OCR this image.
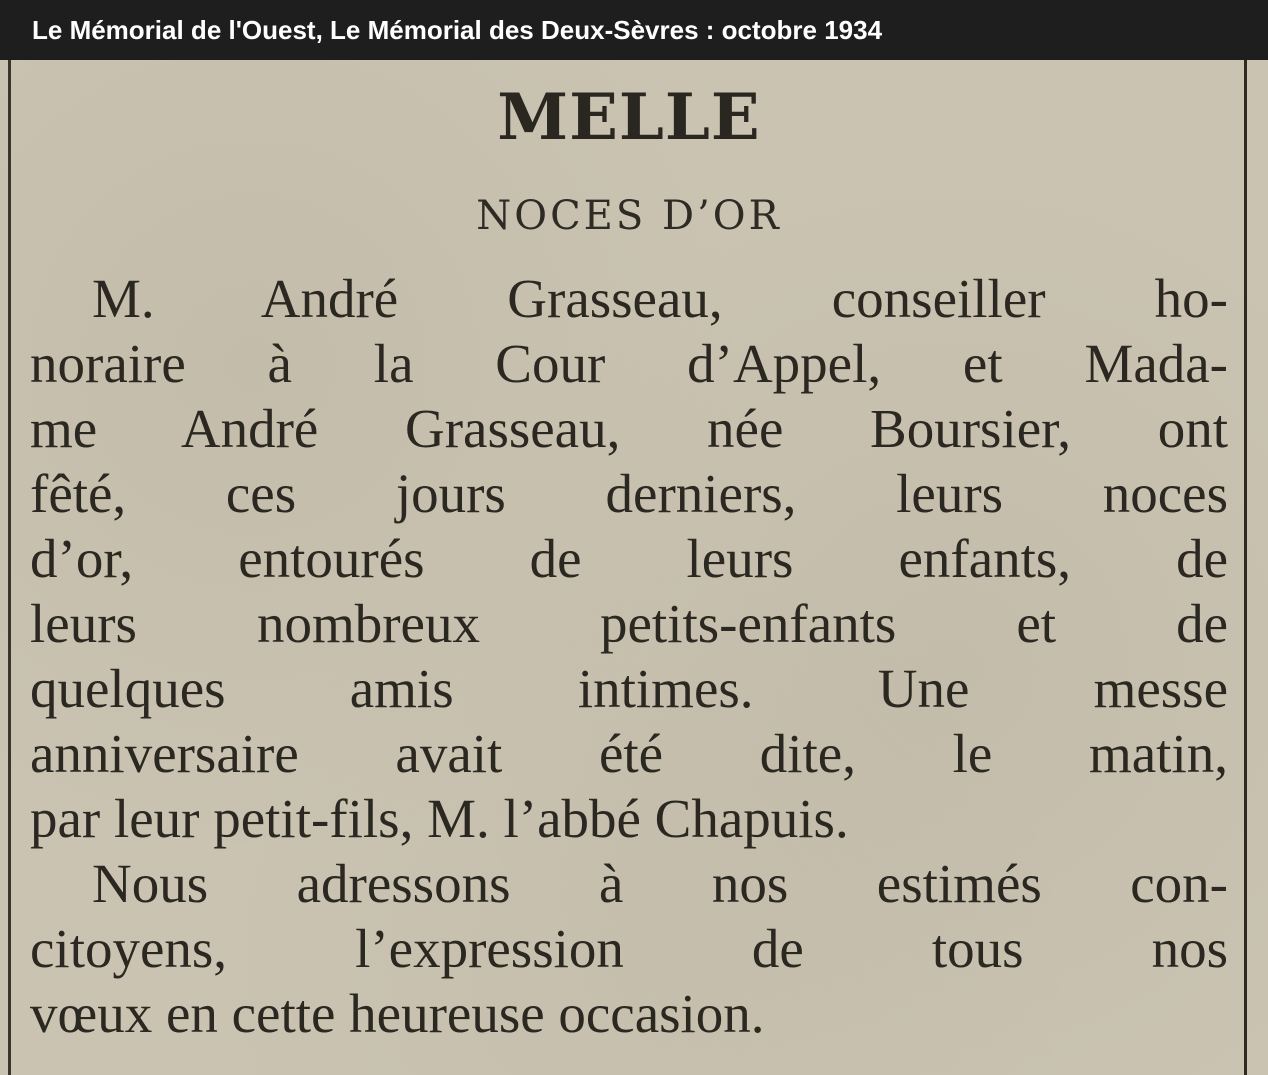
Le Mémorial de l'Ouest, Le Mémorial des Deux-Sèvres : octobre 1934
MELLE
NOCES D’OR
M. André Grasseau, conseiller ho-
noraire à la Cour d’Appel, et Mada-
me André Grasseau, née Boursier, ont
fêté, ces jours derniers, leurs noces
d’or, entourés de leurs enfants, de
leurs nombreux petits-enfants et de
quelques amis intimes. Une messe
anniversaire avait été dite, le matin,
par leur petit-fils, M. l’abbé Chapuis.
Nous adressons à nos estimés con-
citoyens, l’expression de tous nos
vœux en cette heureuse occasion.
